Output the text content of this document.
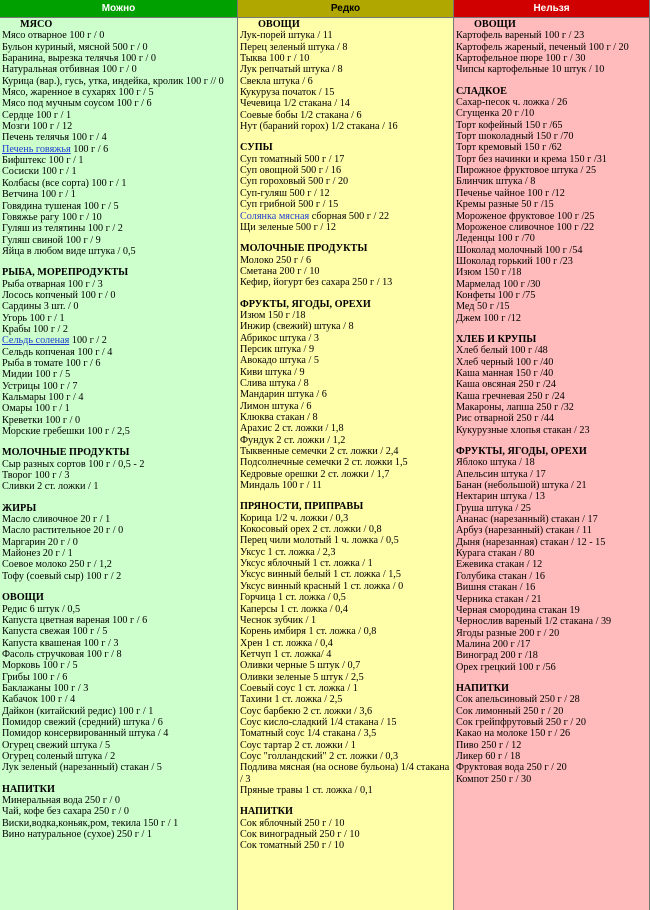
Можно	Редко	Нельзя
МЯСО
Мясо отварное 100 г / 0
Бульон куриный, мясной 500 г / 0
Баранина, вырезка телячья 100 г / 0
Натуральная отбивная 100 г / 0
Курица (вар.), гусь, утка, индейка, кролик 100 г // 0
Мясо, жаренное в сухарях 100 г / 5
Мясо под мучным соусом 100 г / 6
Сердце 100 г / 1
Мозги 100 г / 12
Печень телячья 100 г / 4
Печень говяжья 100 г / 6
Бифштекс 100 г / 1
Сосиски 100 г / 1
Колбасы (все сорта) 100 г / 1
Ветчина 100 г / 1
Говядина тушеная 100 г / 5
Говяжье рагу 100 г / 10
Гуляш из телятины 100 г / 2
Гуляш свиной 100 г / 9
Яйца в любом виде штука / 0,5
РЫБА, МОРЕПРОДУКТЫ
Рыба отварная 100 г / 3
Лосось копченый 100 г / 0
Сардины 3 шт. / 0
Угорь 100 г / 1
Крабы 100 г / 2
Сельдь соленая 100 г / 2
Сельдь копченая 100 г / 4
Рыба в томате 100 г / 6
Мидии 100 г / 5
Устрицы 100 г / 7
Кальмары 100 г / 4
Омары 100 г / 1
Креветки 100 г / 0
Морские гребешки 100 г / 2,5
МОЛОЧНЫЕ ПРОДУКТЫ
Сыр разных сортов 100 г / 0,5 - 2
Творог 100 г / 3
Сливки 2 ст. ложки / 1
ЖИРЫ
Масло сливочное 20 г / 1
Масло растительное 20 г / 0
Маргарин 20 г / 0
Майонез 20 г / 1
Соевое молоко 250 г / 1,2
Тофу (соевый сыр) 100 г / 2
ОВОЩИ
Редис 6 штук / 0,5
Капуста цветная вареная 100 г / 6
Капуста свежая 100 г / 5
Капуста квашеная 100 г / 3
Фасоль стручковая 100 г / 8
Морковь 100 г / 5
Грибы 100 г / 6
Баклажаны 100 г / 3
Кабачок 100 г / 4
Дайкон (китайский редис) 100 г / 1
Помидор свежий (средний) штука / 6
Помидор консервированный штука / 4
Огурец свежий штука / 5
Огурец соленый штука / 2
Лук зеленый (нарезанный) стакан / 5
НАПИТКИ
Минеральная вода 250 г / 0
Чай, кофе без сахара 250 г / 0
Виски,водка,коньяк,ром, текила 150 г / 1
Вино натуральное (сухое) 250 г / 1
ОВОЩИ
Лук-порей штука / 11
Перец зеленый штука / 8
Тыква 100 г / 10
Лук репчатый штука / 8
Свекла штука / 6
Кукуруза початок / 15
Чечевица 1/2 стакана / 14
Соевые бобы 1/2 стакана / 6
Нут (бараний горох) 1/2 стакана / 16
СУПЫ
Суп томатный 500 г / 17
Суп овощной 500 г / 16
Суп гороховый 500 г / 20
Суп-гуляш 500 г / 12
Суп грибной 500 г / 15
Солянка мясная сборная 500 г / 22
Щи зеленые 500 г / 12
МОЛОЧНЫЕ ПРОДУКТЫ
Молоко 250 г / 6
Сметана 200 г / 10
Кефир, йогурт без сахара 250 г / 13
ФРУКТЫ, ЯГОДЫ, ОРЕХИ
Изюм 150 г /18
Инжир (свежий) штука / 8
Абрикос штука / 3
Персик штука / 9
Авокадо штука / 5
Киви штука / 9
Слива штука / 8
Мандарин штука / 6
Лимон штука / 6
Клюква стакан / 8
Арахис 2 ст. ложки / 1,8
Фундук 2 ст. ложки / 1,2
Тыквенные семечки 2 ст. ложки / 2,4
Подсолнечные семечки 2 ст. ложки 1,5
Кедровые орешки 2 ст. ложки / 1,7
Миндаль 100 г / 11
ПРЯНОСТИ, ПРИПРАВЫ
Корица 1/2 ч. ложки / 0,3
Кокосовый орех 2 ст. ложки / 0,8
Перец чили молотый 1 ч. ложка / 0,5
Уксус 1 ст. ложка / 2,3
Уксус яблочный 1 ст. ложка / 1
Уксус винный белый 1 ст. ложка / 1,5
Уксус винный красный 1 ст. ложка / 0
Горчица 1 ст. ложка / 0,5
Каперсы 1 ст. ложка / 0,4
Чеснок зубчик / 1
Корень имбиря 1 ст. ложка / 0,8
Хрен 1 ст. ложка / 0,4
Кетчуп 1 ст. ложка/ 4
Оливки черные 5 штук / 0,7
Оливки зеленые 5 штук / 2,5
Соевый соус 1 ст. ложка / 1
Тахини 1 ст. ложка / 2,5
Соус барбекю 2 ст. ложки / 3,6
Соус кисло-сладкий 1/4 стакана / 15
Томатный соус 1/4 стакана / 3,5
Соус тартар 2 ст. ложки / 1
Соус "голландский" 2 ст. ложки / 0,3
Подлива мясная (на основе бульона) 1/4 стакана / 3
Пряные травы 1 ст. ложка / 0,1
НАПИТКИ
Сок яблочный 250 г / 10
Сок виноградный 250 г / 10
Сок томатный 250 г / 10
ОВОЩИ
Картофель вареный 100 г / 23
Картофель жареный, печеный 100 г / 20
Картофельное пюре 100 г / 30
Чипсы картофельные 10 штук / 10
СЛАДКОЕ
Сахар-песок ч. ложка / 26
Сгущенка 20 г /10
Торт кофейный 150 г /65
Торт шоколадный 150 г /70
Торт кремовый 150 г /62
Торт без начинки и крема 150 г /31
Пирожное фруктовое штука / 25
Блинчик штука / 8
Печенье чайное 100 г /12
Кремы разные 50 г /15
Мороженое фруктовое 100 г /25
Мороженое сливочное 100 г /22
Леденцы 100 г /70
Шоколад молочный 100 г /54
Шоколад горький 100 г /23
Изюм 150 г /18
Мармелад 100 г /30
Конфеты 100 г /75
Мед 50 г /15
Джем 100 г /12
ХЛЕБ И КРУПЫ
Хлеб белый 100 г /48
Хлеб черный 100 г /40
Каша манная 150 г /40
Каша овсяная 250 г /24
Каша гречневая 250 г /24
Макароны, лапша 250 г /32
Рис отварной 250 г /44
Кукурузные хлопья стакан / 23
ФРУКТЫ, ЯГОДЫ, ОРЕХИ
Яблоко штука / 18
Апельсин штука / 17
Банан (небольшой) штука / 21
Нектарин штука / 13
Груша штука / 25
Ананас (нарезанный) стакан / 17
Арбуз (нарезанный) стакан / 11
Дыня (нарезанная) стакан / 12 - 15
Курага стакан / 80
Ежевика стакан / 12
Голубика стакан / 16
Вишня стакан / 16
Черника стакан / 21
Черная смородина стакан 19
Чернослив вареный 1/2 стакана / 39
Ягоды разные 200 г / 20
Малина 200 г /17
Виноград 200 г /18
Орех грецкий 100 г /56
НАПИТКИ
Сок апельсиновый 250 г / 28
Сок лимонный 250 г / 20
Сок грейпфрутовый 250 г / 20
Какао на молоке 150 г / 26
Пиво 250 г / 12
Ликер 60 г / 18
Фруктовая вода 250 г / 20
Компот 250 г / 30
